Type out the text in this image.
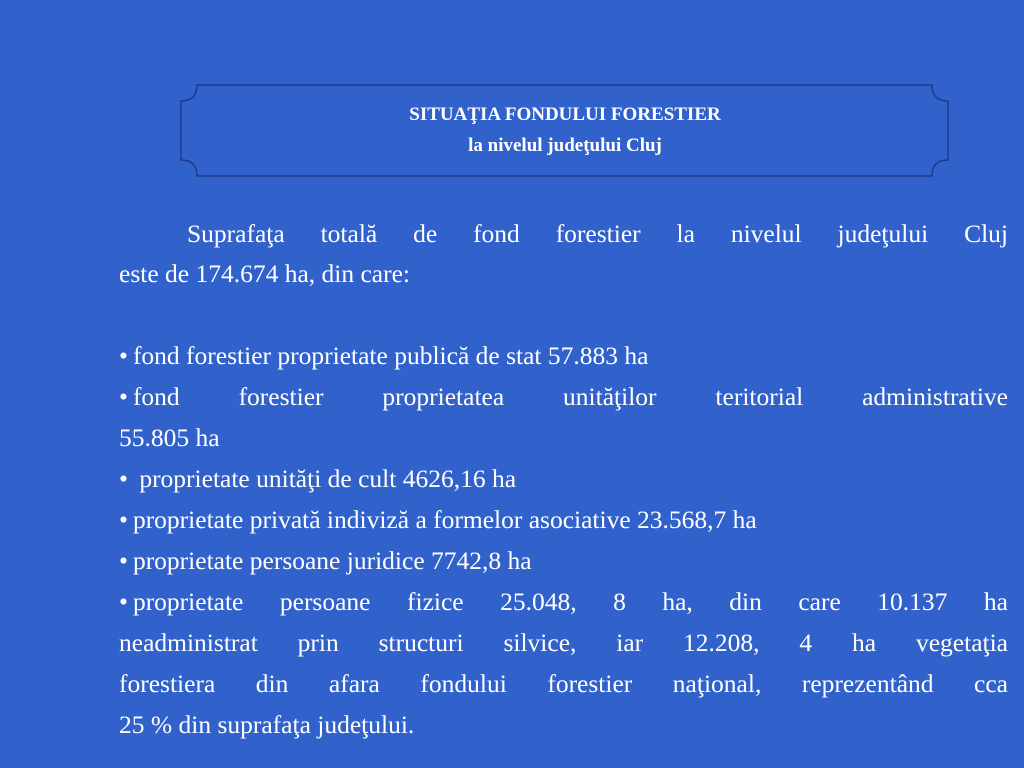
SITUAŢIA FONDULUI FORESTIER
la nivelul judeţului Cluj
Suprafaţa totală de fond forestier la nivelul judeţului Cluj
este de 174.674 ha, din care:
• fond forestier proprietate publică de stat 57.883 ha
• fond forestier proprietatea unităţilor teritorial administrative
55.805 ha
• proprietate unităţi de cult 4626,16 ha
• proprietate privată indiviză a formelor asociative 23.568,7 ha
• proprietate persoane juridice 7742,8 ha
• proprietate persoane fizice 25.048, 8 ha, din care 10.137 ha
neadministrat prin structuri silvice, iar 12.208, 4 ha vegetaţia
forestiera din afara fondului forestier naţional, reprezentând cca
25 % din suprafaţa judeţului.
